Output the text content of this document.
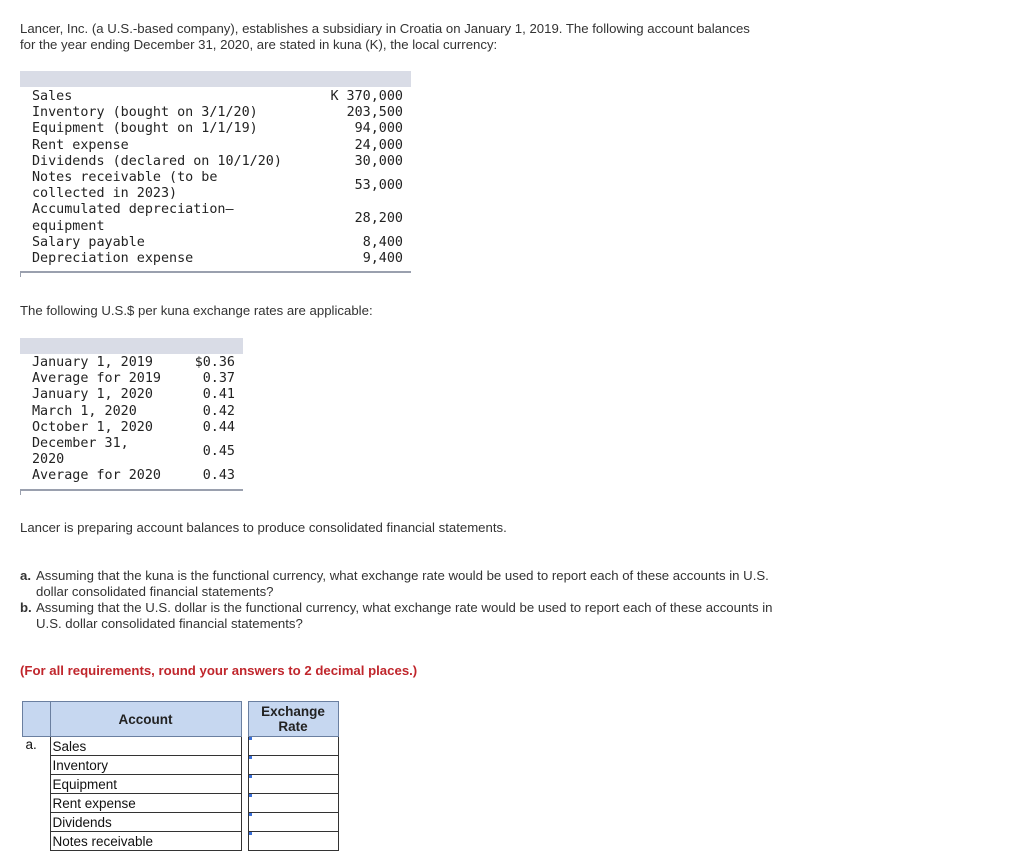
Lancer, Inc. (a U.S.-based company), establishes a subsidiary in Croatia on January 1, 2019. The following account balances for the year ending December 31, 2020, are stated in kuna (K), the local currency:
Sales	K 370,000
Inventory (bought on 3/1/20)	203,500
Equipment (bought on 1/1/19)	94,000
Rent expense	24,000
Dividends (declared on 10/1/20)	30,000
Notes receivable (to be
collected in 2023)
53,000
Accumulated depreciation—
equipment
28,200
Salary payable	8,400
Depreciation expense	9,400
The following U.S.$ per kuna exchange rates are applicable:
January 1, 2019	$0.36
Average for 2019	0.37
January 1, 2020	0.41
March 1, 2020	0.42
October 1, 2020	0.44
December 31,
2020
0.45
Average for 2020	0.43
Lancer is preparing account balances to produce consolidated financial statements.
a. Assuming that the kuna is the functional currency, what exchange rate would be used to report each of these accounts in U.S. dollar consolidated financial statements?
b. Assuming that the U.S. dollar is the functional currency, what exchange rate would be used to report each of these accounts in U.S. dollar consolidated financial statements?
(For all requirements, round your answers to 2 decimal places.)
	Account		Exchange
Rate
a.	Sales		

	Inventory		

	Equipment		

	Rent expense		

	Dividends		

	Notes receivable		
